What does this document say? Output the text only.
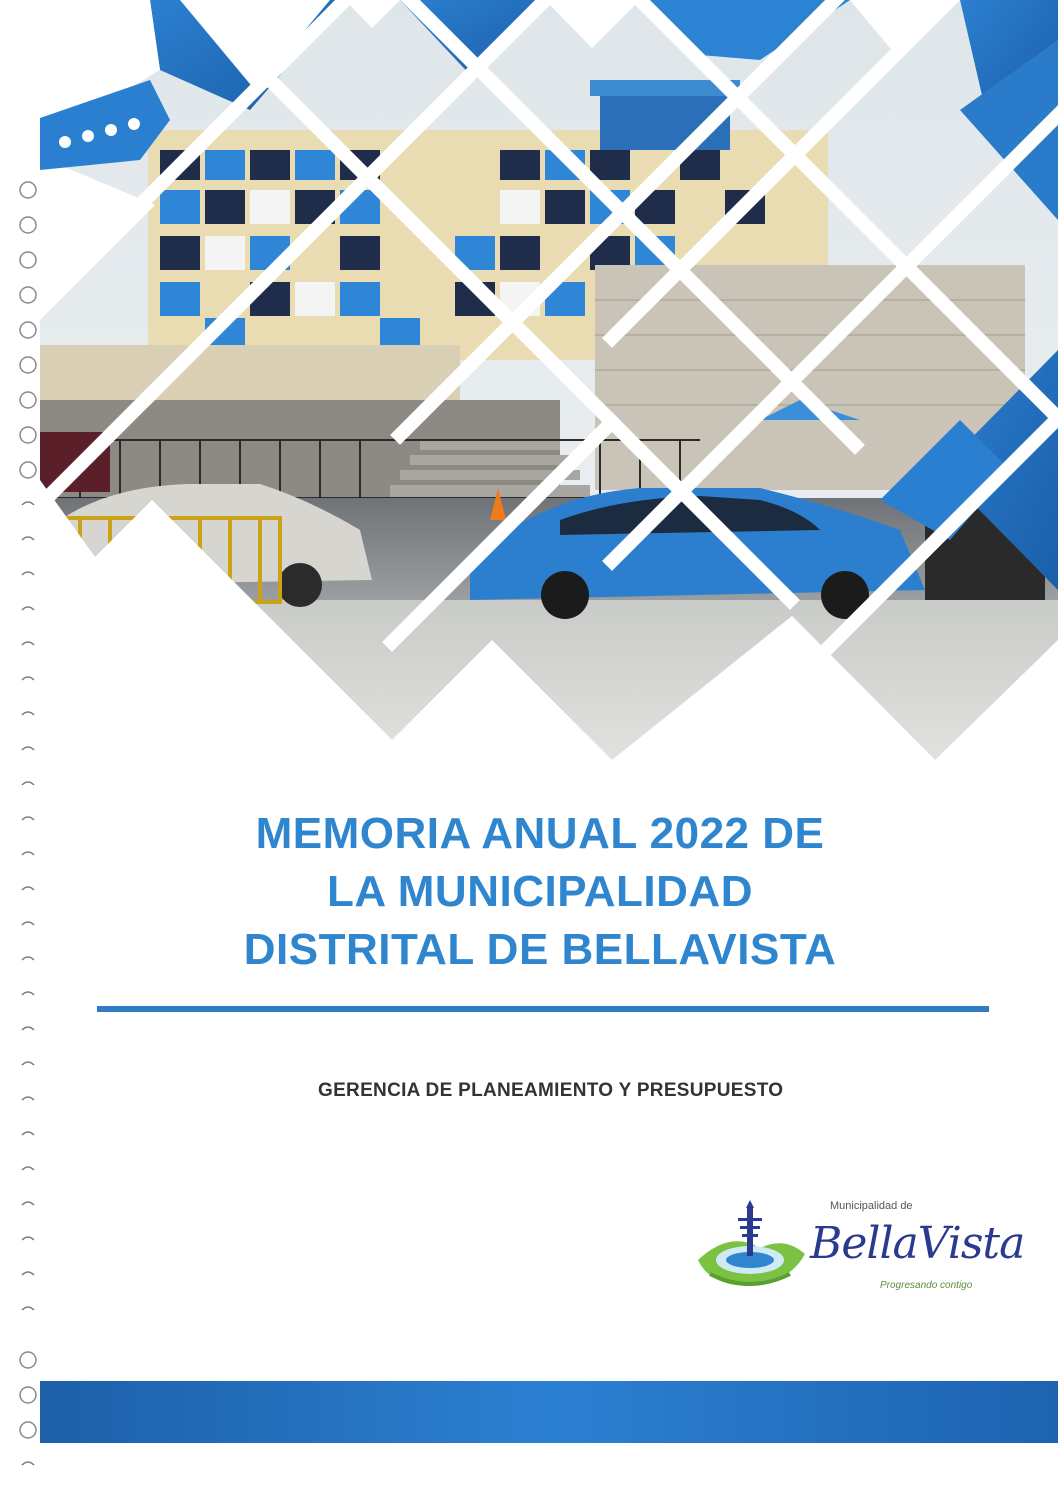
MEMORIA ANUAL 2022 DE
LA MUNICIPALIDAD
DISTRITAL DE BELLAVISTA
GERENCIA DE PLANEAMIENTO Y PRESUPUESTO
Municipalidad de
BellaVista
Progresando contigo
